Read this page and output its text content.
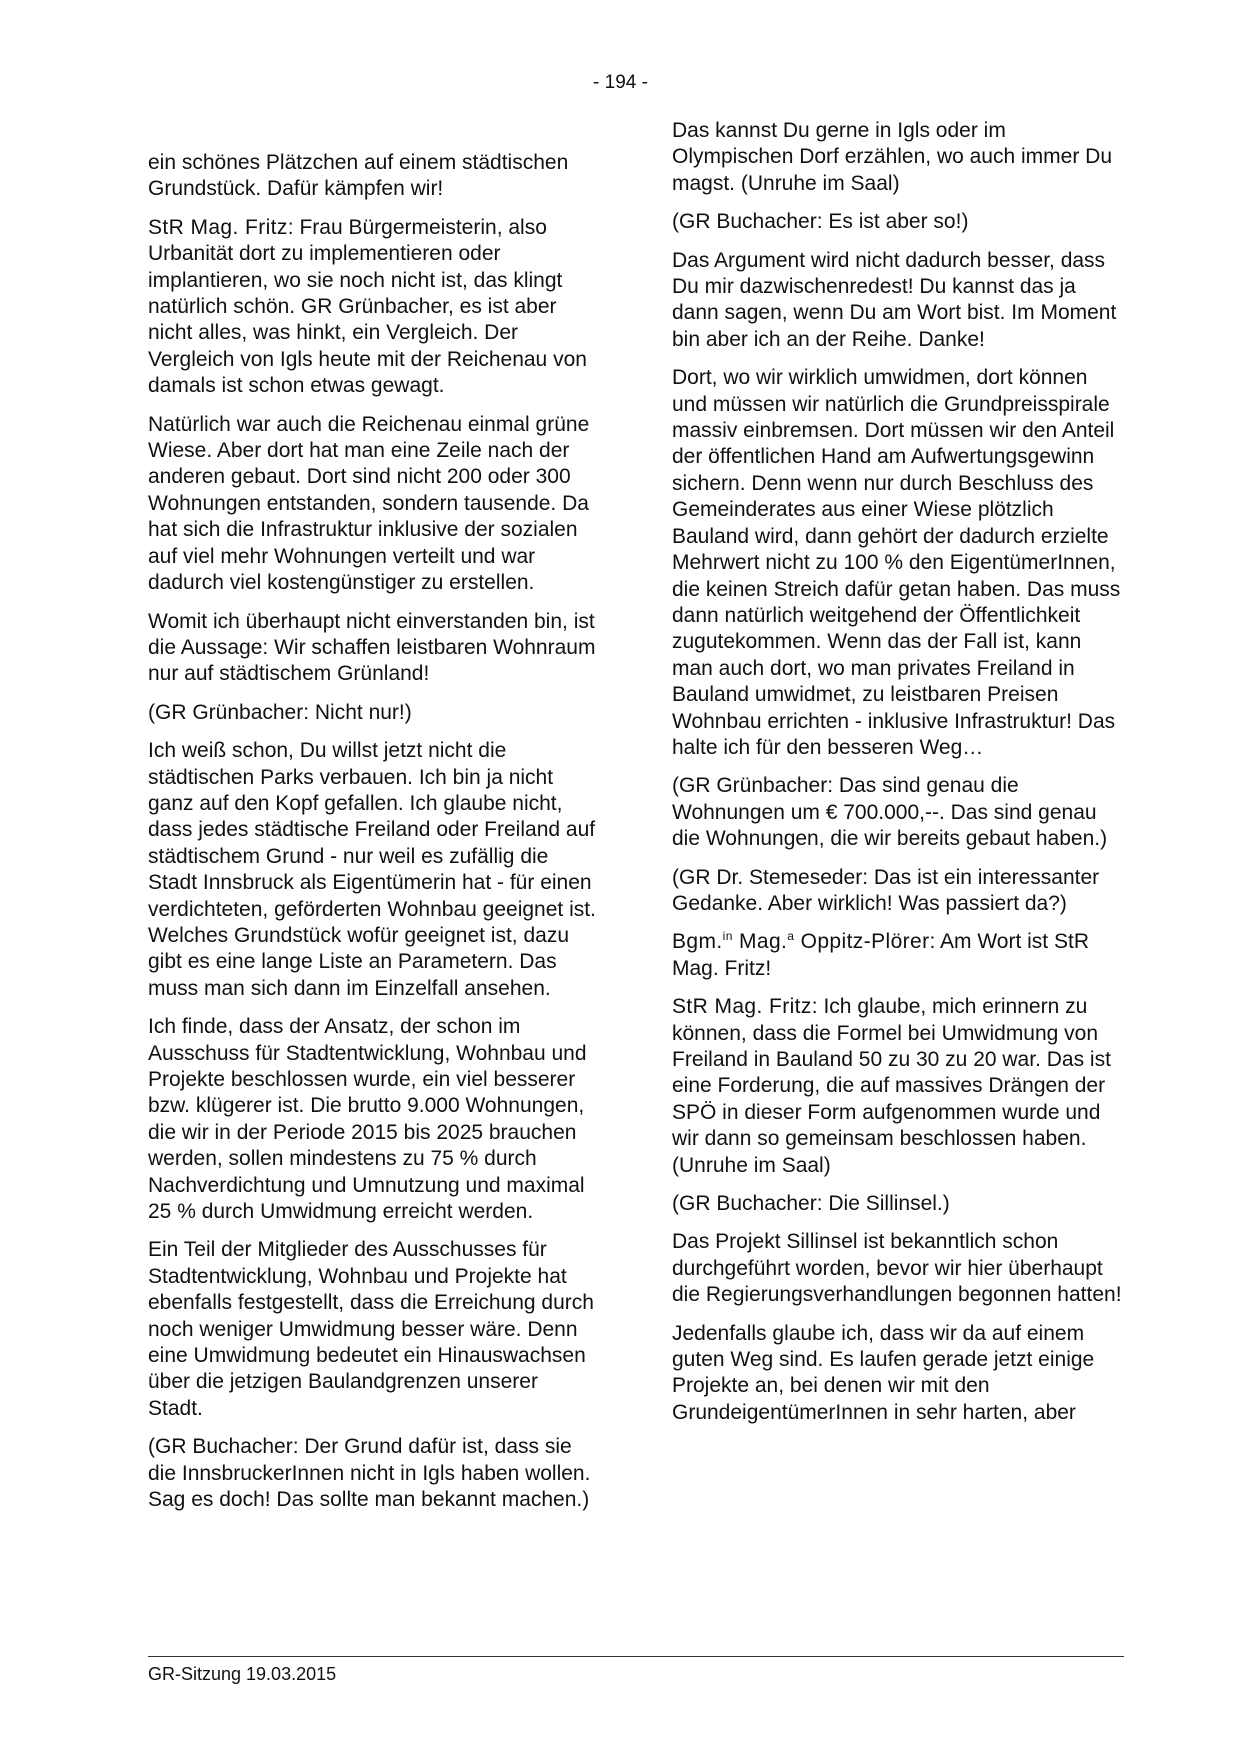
- 194 -

ein schönes Plätzchen auf einem städtischen Grundstück. Dafür kämpfen wir!

StR Mag. Fritz: Frau Bürgermeisterin, also Urbanität dort zu implementieren oder implantieren, wo sie noch nicht ist, das klingt natürlich schön. GR Grünbacher, es ist aber nicht alles, was hinkt, ein Vergleich. Der Vergleich von Igls heute mit der Reichenau von damals ist schon etwas gewagt.

Natürlich war auch die Reichenau einmal grüne Wiese. Aber dort hat man eine Zeile nach der anderen gebaut. Dort sind nicht 200 oder 300 Wohnungen entstanden, sondern tausende. Da hat sich die Infrastruktur inklusive der sozialen auf viel mehr Wohnungen verteilt und war dadurch viel kostengünstiger zu erstellen.

Womit ich überhaupt nicht einverstanden bin, ist die Aussage: Wir schaffen leistbaren Wohnraum nur auf städtischem Grünland!

(GR Grünbacher: Nicht nur!)

Ich weiß schon, Du willst jetzt nicht die städtischen Parks verbauen. Ich bin ja nicht ganz auf den Kopf gefallen. Ich glaube nicht, dass jedes städtische Freiland oder Freiland auf städtischem Grund - nur weil es zufällig die Stadt Innsbruck als Eigentümerin hat - für einen verdichteten, geförderten Wohnbau geeignet ist. Welches Grundstück wofür geeignet ist, dazu gibt es eine lange Liste an Parametern. Das muss man sich dann im Einzelfall ansehen.

Ich finde, dass der Ansatz, der schon im Ausschuss für Stadtentwicklung, Wohnbau und Projekte beschlossen wurde, ein viel besserer bzw. klügerer ist. Die brutto 9.000 Wohnungen, die wir in der Periode 2015 bis 2025 brauchen werden, sollen mindestens zu 75 % durch Nachverdichtung und Umnutzung und maximal 25 % durch Umwidmung erreicht werden.

Ein Teil der Mitglieder des Ausschusses für Stadtentwicklung, Wohnbau und Projekte hat ebenfalls festgestellt, dass die Erreichung durch noch weniger Umwidmung besser wäre. Denn eine Umwidmung bedeutet ein Hinauswachsen über die jetzigen Baulandgrenzen unserer Stadt.

(GR Buchacher: Der Grund dafür ist, dass sie die InnsbruckerInnen nicht in Igls haben wollen. Sag es doch! Das sollte man bekannt machen.)

Das kannst Du gerne in Igls oder im Olympischen Dorf erzählen, wo auch immer Du magst. (Unruhe im Saal)

(GR Buchacher: Es ist aber so!)

Das Argument wird nicht dadurch besser, dass Du mir dazwischenredest! Du kannst das ja dann sagen, wenn Du am Wort bist. Im Moment bin aber ich an der Reihe. Danke!

Dort, wo wir wirklich umwidmen, dort können und müssen wir natürlich die Grundpreisspirale massiv einbremsen. Dort müssen wir den Anteil der öffentlichen Hand am Aufwertungsgewinn sichern. Denn wenn nur durch Beschluss des Gemeinderates aus einer Wiese plötzlich Bauland wird, dann gehört der dadurch erzielte Mehrwert nicht zu 100 % den EigentümerInnen, die keinen Streich dafür getan haben. Das muss dann natürlich weitgehend der Öffentlichkeit zugutekommen. Wenn das der Fall ist, kann man auch dort, wo man privates Freiland in Bauland umwidmet, zu leistbaren Preisen Wohnbau errichten - inklusive Infrastruktur! Das halte ich für den besseren Weg…

(GR Grünbacher: Das sind genau die Wohnungen um € 700.000,--. Das sind genau die Wohnungen, die wir bereits gebaut haben.)

(GR Dr. Stemeseder: Das ist ein interessanter Gedanke. Aber wirklich! Was passiert da?)

Bgm.$^{in}$ Mag.$^a$ Oppitz-Plörer: Am Wort ist StR Mag. Fritz!

StR Mag. Fritz: Ich glaube, mich erinnern zu können, dass die Formel bei Umwidmung von Freiland in Bauland 50 zu 30 zu 20 war. Das ist eine Forderung, die auf massives Drängen der SPÖ in dieser Form aufgenommen wurde und wir dann so gemeinsam beschlossen haben. (Unruhe im Saal)

(GR Buchacher: Die Sillinsel.)

Das Projekt Sillinsel ist bekanntlich schon durchgeführt worden, bevor wir hier überhaupt die Regierungsverhandlungen begonnen hatten!

Jedenfalls glaube ich, dass wir da auf einem guten Weg sind. Es laufen gerade jetzt einige Projekte an, bei denen wir mit den GrundeigentümerInnen in sehr harten, aber

GR-Sitzung 19.03.2015
